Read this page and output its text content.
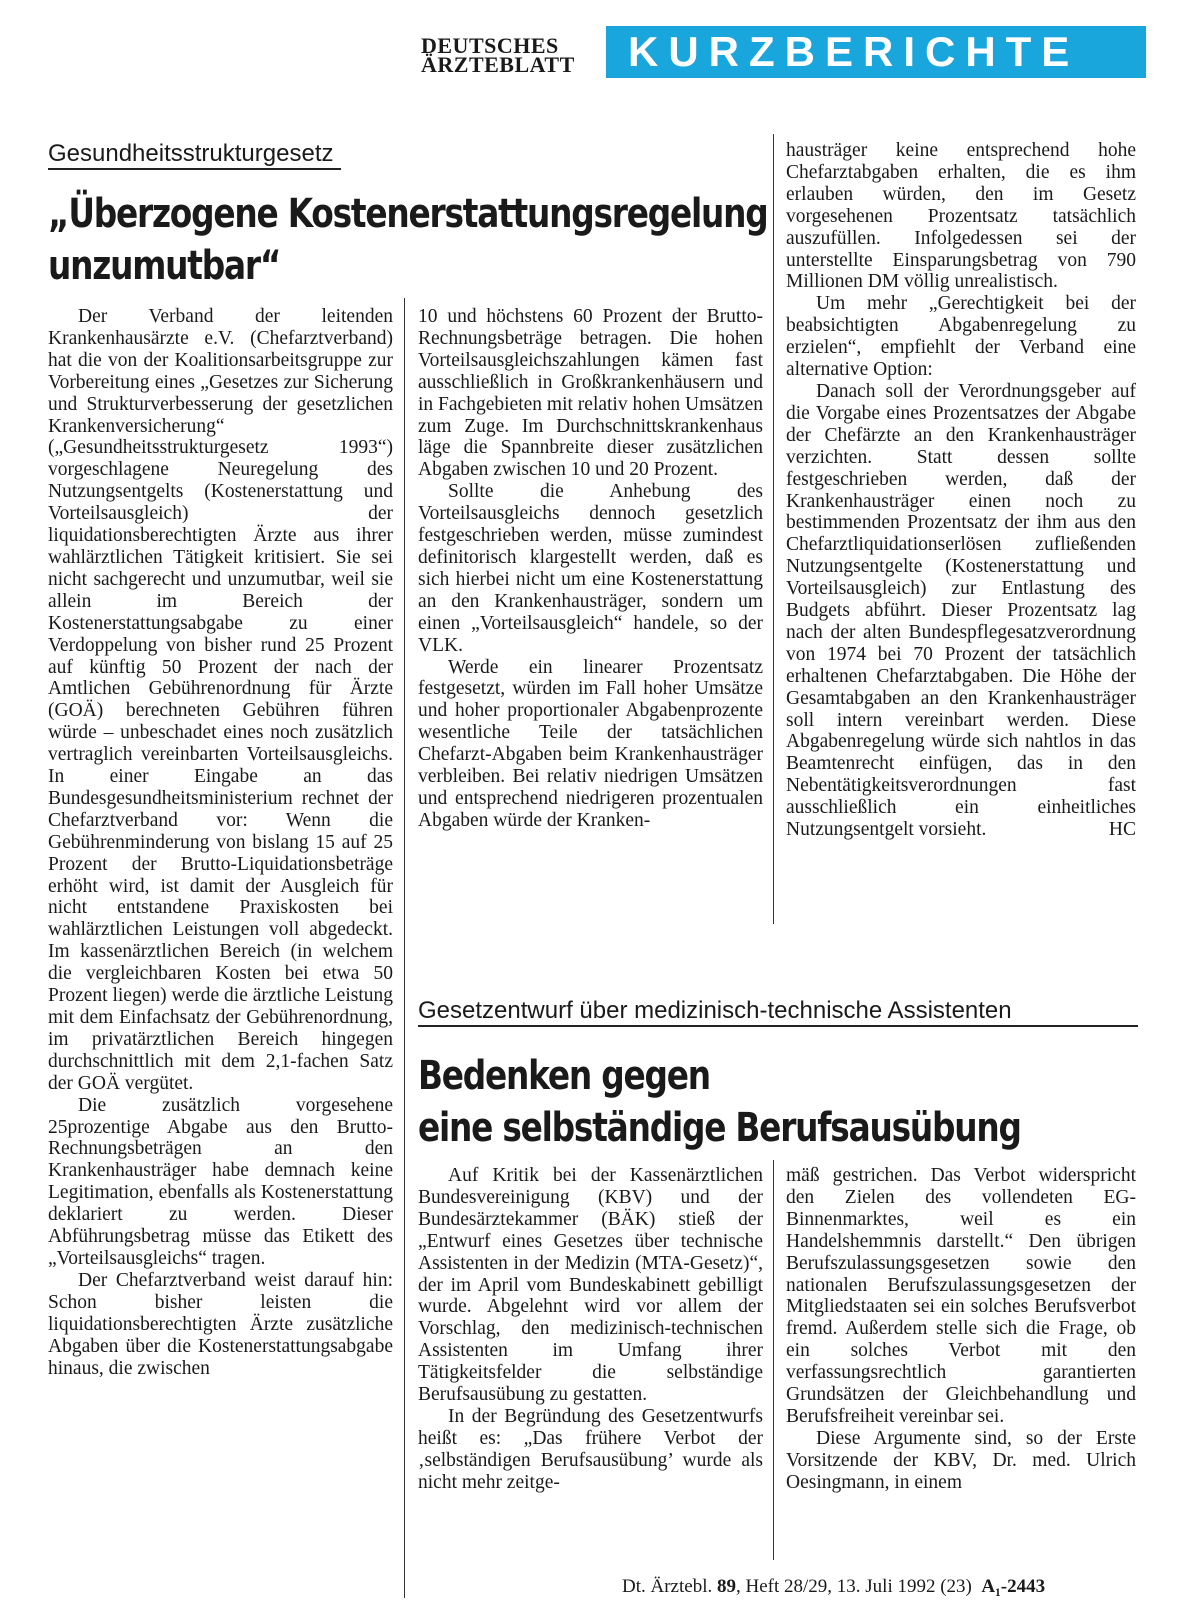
DEUTSCHES
ÄRZTEBLATT	KURZBERICHTE
Gesundheitsstrukturgesetz
„Überzogene Kostenerstattungsregelung
unzumutbar“

Der Verband der leitenden Krankenhausärzte e.V. (Chefarztverband) hat die von der Koalitionsarbeitsgruppe zur Vorbereitung eines „Gesetzes zur Sicherung und Strukturverbesserung der gesetzlichen Krankenversicherung“ („Gesundheitsstrukturgesetz 1993“) vorgeschlagene Neuregelung des Nutzungsentgelts (Kostenerstattung und Vorteilsausgleich) der liquidationsberechtigten Ärzte aus ihrer wahlärztlichen Tätigkeit kritisiert. Sie sei nicht sachgerecht und unzumutbar, weil sie allein im Bereich der Kostenerstattungsabgabe zu einer Verdoppelung von bisher rund 25 Prozent auf künftig 50 Prozent der nach der Amtlichen Gebührenordnung für Ärzte (GOÄ) berechneten Gebühren führen würde – unbeschadet eines noch zusätzlich vertraglich vereinbarten Vorteilsausgleichs. In einer Eingabe an das Bundesgesundheitsministerium rechnet der Chefarztverband vor: Wenn die Gebührenminderung von bislang 15 auf 25 Prozent der Brutto-Liquidationsbeträge erhöht wird, ist damit der Ausgleich für nicht entstandene Praxiskosten bei wahlärztlichen Leistungen voll abgedeckt. Im kassenärztlichen Bereich (in welchem die vergleichbaren Kosten bei etwa 50 Prozent liegen) werde die ärztliche Leistung mit dem Einfachsatz der Gebührenordnung, im privatärztlichen Bereich hingegen durchschnittlich mit dem 2,1-fachen Satz der GOÄ vergütet.

Die zusätzlich vorgesehene 25prozentige Abgabe aus den Brutto-Rechnungsbeträgen an den Krankenhausträger habe demnach keine Legitimation, ebenfalls als Kostenerstattung deklariert zu werden. Dieser Abführungsbetrag müsse das Etikett des „Vorteilsausgleichs“ tragen.

Der Chefarztverband weist darauf hin: Schon bisher leisten die liquidationsberechtigten Ärzte zusätzliche Abgaben über die Kostenerstattungsabgabe hinaus, die zwischen

10 und höchstens 60 Prozent der Brutto-Rechnungsbeträge betragen. Die hohen Vorteilsausgleichszahlungen kämen fast ausschließlich in Großkrankenhäusern und in Fachgebieten mit relativ hohen Umsätzen zum Zuge. Im Durchschnittskrankenhaus läge die Spannbreite dieser zusätzlichen Abgaben zwischen 10 und 20 Prozent.

Sollte die Anhebung des Vorteilsausgleichs dennoch gesetzlich festgeschrieben werden, müsse zumindest definitorisch klargestellt werden, daß es sich hierbei nicht um eine Kostenerstattung an den Krankenhausträger, sondern um einen „Vorteilsausgleich“ handele, so der VLK.

Werde ein linearer Prozentsatz festgesetzt, würden im Fall hoher Umsätze und hoher proportionaler Abgabenprozente wesentliche Teile der tatsächlichen Chefarzt-Abgaben beim Krankenhausträger verbleiben. Bei relativ niedrigen Umsätzen und entsprechend niedrigeren prozentualen Abgaben würde der Kranken-

hausträger keine entsprechend hohe Chefarztabgaben erhalten, die es ihm erlauben würden, den im Gesetz vorgesehenen Prozentsatz tatsächlich auszufüllen. Infolgedessen sei der unterstellte Einsparungsbetrag von 790 Millionen DM völlig unrealistisch.

Um mehr „Gerechtigkeit bei der beabsichtigten Abgabenregelung zu erzielen“, empfiehlt der Verband eine alternative Option:

Danach soll der Verordnungsgeber auf die Vorgabe eines Prozentsatzes der Abgabe der Chefärzte an den Krankenhausträger verzichten. Statt dessen sollte festgeschrieben werden, daß der Krankenhausträger einen noch zu bestimmenden Prozentsatz der ihm aus den Chefarztliquidationserlösen zufließenden Nutzungsentgelte (Kostenerstattung und Vorteilsausgleich) zur Entlastung des Budgets abführt. Dieser Prozentsatz lag nach der alten Bundespflegesatzverordnung von 1974 bei 70 Prozent der tatsächlich erhaltenen Chefarztabgaben. Die Höhe der Gesamtabgaben an den Krankenhausträger soll intern vereinbart werden. Diese Abgabenregelung würde sich nahtlos in das Beamtenrecht einfügen, das in den Nebentätigkeitsverordnungen fast ausschließlich ein einheitliches Nutzungsentgelt vorsieht.	HC

Gesetzentwurf über medizinisch-technische Assistenten
Bedenken gegen
eine selbständige Berufsausübung

Auf Kritik bei der Kassenärztlichen Bundesvereinigung (KBV) und der Bundesärztekammer (BÄK) stieß der „Entwurf eines Gesetzes über technische Assistenten in der Medizin (MTA-Gesetz)“, der im April vom Bundeskabinett gebilligt wurde. Abgelehnt wird vor allem der Vorschlag, den medizinisch-technischen Assistenten im Umfang ihrer Tätigkeitsfelder die selbständige Berufsausübung zu gestatten.

In der Begründung des Gesetzentwurfs heißt es: „Das frühere Verbot der ‚selbständigen Berufsausübung’ wurde als nicht mehr zeitge-

mäß gestrichen. Das Verbot widerspricht den Zielen des vollendeten EG-Binnenmarktes, weil es ein Handelshemmnis darstellt.“ Den übrigen Berufszulassungsgesetzen sowie den nationalen Berufszulassungsgesetzen der Mitgliedstaaten sei ein solches Berufsverbot fremd. Außerdem stelle sich die Frage, ob ein solches Verbot mit den verfassungsrechtlich garantierten Grundsätzen der Gleichbehandlung und Berufsfreiheit vereinbar sei.

Diese Argumente sind, so der Erste Vorsitzende der KBV, Dr. med. Ulrich Oesingmann, in einem

Dt. Ärztebl. 89, Heft 28/29, 13. Juli 1992 (23) A₁-2443
